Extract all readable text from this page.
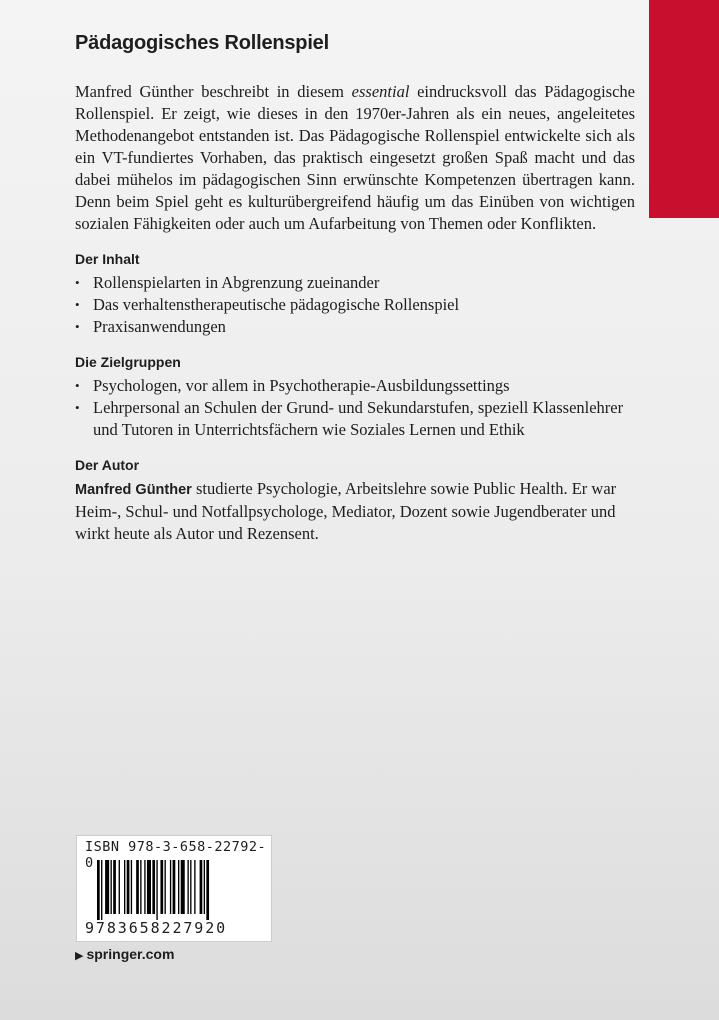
Pädagogisches Rollenspiel

Manfred Günther beschreibt in diesem essential eindrucksvoll das Pädagogische Rollenspiel. Er zeigt, wie dieses in den 1970er-Jahren als ein neues, angeleitetes Methodenangebot entstanden ist. Das Pädagogische Rollenspiel entwickelte sich als ein VT-fundiertes Vorhaben, das praktisch eingesetzt großen Spaß macht und das dabei mühelos im pädagogischen Sinn erwünschte Kompetenzen übertragen kann. Denn beim Spiel geht es kulturübergreifend häufig um das Einüben von wichtigen sozialen Fähigkeiten oder auch um Aufarbeitung von Themen oder Konflikten.

Der Inhalt
• Rollenspielarten in Abgrenzung zueinander
• Das verhaltenstherapeutische pädagogische Rollenspiel
• Praxisanwendungen
Die Zielgruppen
• Psychologen, vor allem in Psychotherapie-Ausbildungssettings
• Lehrpersonal an Schulen der Grund- und Sekundarstufen, speziell Klassenlehrer und Tutoren in Unterrichtsfächern wie Soziales Lernen und Ethik
Der Autor

Manfred Günther studierte Psychologie, Arbeitslehre sowie Public Health. Er war Heim-, Schul- und Notfallpsychologe, Mediator, Dozent sowie Jugendberater und wirkt heute als Autor und Rezensent.

ISBN 978-3-658-22792-0
9783658227920
▶ springer.com
